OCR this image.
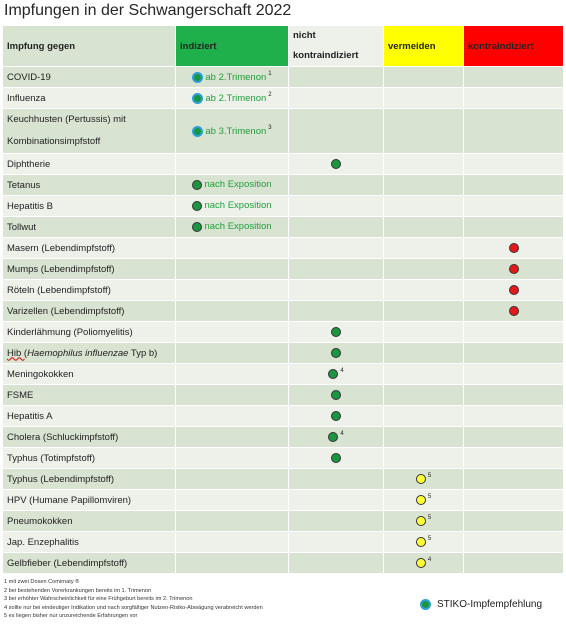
Impfungen in der Schwangerschaft 2022
Impfung gegen	indiziert	nicht kontraindiziert	vermeiden	kontraindiziert
COVID-19	ab 2.Trimenon $^1$			
Influenza	ab 2.Trimenon $^2$			

Keuchhusten (Pertussis) mit Kombinationsimpfstoff	ab 3.Trimenon $^3$			
Diphtherie				
Tetanus	nach Exposition			
Hepatitis B	nach Exposition			
Tollwut	nach Exposition			
Masern (Lebendimpfstoff)				
Mumps (Lebendimpfstoff)				
Röteln (Lebendimpfstoff)				
Varizellen (Lebendimpfstoff)				
Kinderlähmung (Poliomyelitis)				
Hib (Haemophilus influenzae Typ b)				
Meningokokken		$^4$		
FSME				
Hepatitis A				
Cholera (Schluckimpfstoff)		$^4$		
Typhus (Totimpfstoff)				
Typhus (Lebendimpfstoff)			$^5$	
HPV (Humane Papillomviren)			$^5$	
Pneumokokken			$^5$	
Jap. Enzephalitis			$^5$	
Gelbfieber (Lebendimpfstoff)			$^4$	
1 mit zwei Dosen Comirnaty ®
2 bei bestehenden Vorerkrankungen bereits im 1. Trimenon
3 bei erhöhter Wahrscheinlichkeit für eine Frühgeburt bereits im 2. Trimenon
4 sollte nur bei eindeutiger Indikation und nach sorgfältiger Nutzen-Risiko-Abwägung verabreicht werden
5 es liegen bisher nur unzureichende Erfahrungen vor
STIKO-Impfempfehlung
